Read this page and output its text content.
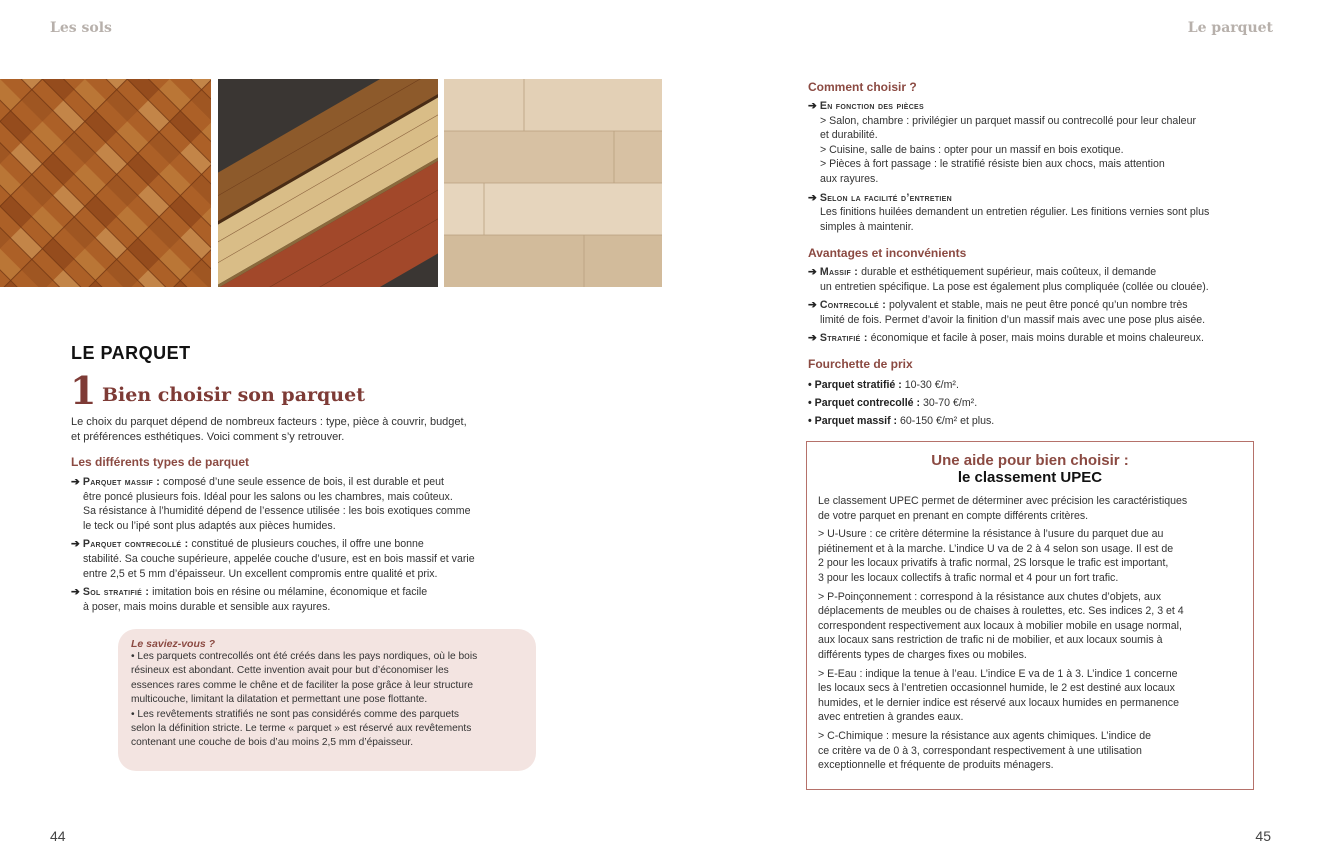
Les sols	Le parquet
LE PARQUET
1 Bien choisir son parquet
Le choix du parquet dépend de nombreux facteurs : type, pièce à couvrir, budget,
et préférences esthétiques. Voici comment s’y retrouver.
Les différents types de parquet
➔ Parquet massif : composé d’une seule essence de bois, il est durable et peut
être poncé plusieurs fois. Idéal pour les salons ou les chambres, mais coûteux.
Sa résistance à l’humidité dépend de l’essence utilisée : les bois exotiques comme
le teck ou l’ipé sont plus adaptés aux pièces humides.
➔ Parquet contrecollé : constitué de plusieurs couches, il offre une bonne
stabilité. Sa couche supérieure, appelée couche d’usure, est en bois massif et varie
entre 2,5 et 5 mm d’épaisseur. Un excellent compromis entre qualité et prix.
➔ Sol stratifié : imitation bois en résine ou mélamine, économique et facile
à poser, mais moins durable et sensible aux rayures.
Le saviez-vous ?
• Les parquets contrecollés ont été créés dans les pays nordiques, où le bois
résineux est abondant. Cette invention avait pour but d’économiser les
essences rares comme le chêne et de faciliter la pose grâce à leur structure
multicouche, limitant la dilatation et permettant une pose flottante.
• Les revêtements stratifiés ne sont pas considérés comme des parquets
selon la définition stricte. Le terme « parquet » est réservé aux revêtements
contenant une couche de bois d’au moins 2,5 mm d’épaisseur.
44
Comment choisir ?
➔ En fonction des pièces
> Salon, chambre : privilégier un parquet massif ou contrecollé pour leur chaleur
et durabilité.
> Cuisine, salle de bains : opter pour un massif en bois exotique.
> Pièces à fort passage : le stratifié résiste bien aux chocs, mais attention
aux rayures.
➔ Selon la facilité d’entretien
Les finitions huilées demandent un entretien régulier. Les finitions vernies sont plus
simples à maintenir.
Avantages et inconvénients
➔ Massif : durable et esthétiquement supérieur, mais coûteux, il demande
un entretien spécifique. La pose est également plus compliquée (collée ou clouée).
➔ Contrecollé : polyvalent et stable, mais ne peut être poncé qu’un nombre très
limité de fois. Permet d’avoir la finition d’un massif mais avec une pose plus aisée.
➔ Stratifié : économique et facile à poser, mais moins durable et moins chaleureux.
Fourchette de prix
• Parquet stratifié : 10-30 €/m².
• Parquet contrecollé : 30-70 €/m².
• Parquet massif : 60-150 €/m² et plus.
Une aide pour bien choisir :
le classement UPEC
Le classement UPEC permet de déterminer avec précision les caractéristiques
de votre parquet en prenant en compte différents critères.
> U-Usure : ce critère détermine la résistance à l’usure du parquet due au
piétinement et à la marche. L’indice U va de 2 à 4 selon son usage. Il est de
2 pour les locaux privatifs à trafic normal, 2S lorsque le trafic est important,
3 pour les locaux collectifs à trafic normal et 4 pour un fort trafic.
> P-Poinçonnement : correspond à la résistance aux chutes d’objets, aux
déplacements de meubles ou de chaises à roulettes, etc. Ses indices 2, 3 et 4
correspondent respectivement aux locaux à mobilier mobile en usage normal,
aux locaux sans restriction de trafic ni de mobilier, et aux locaux soumis à
différents types de charges fixes ou mobiles.
> E-Eau : indique la tenue à l’eau. L’indice E va de 1 à 3. L’indice 1 concerne
les locaux secs à l’entretien occasionnel humide, le 2 est destiné aux locaux
humides, et le dernier indice est réservé aux locaux humides en permanence
avec entretien à grandes eaux.
> C-Chimique : mesure la résistance aux agents chimiques. L’indice de
ce critère va de 0 à 3, correspondant respectivement à une utilisation
exceptionnelle et fréquente de produits ménagers.
45
